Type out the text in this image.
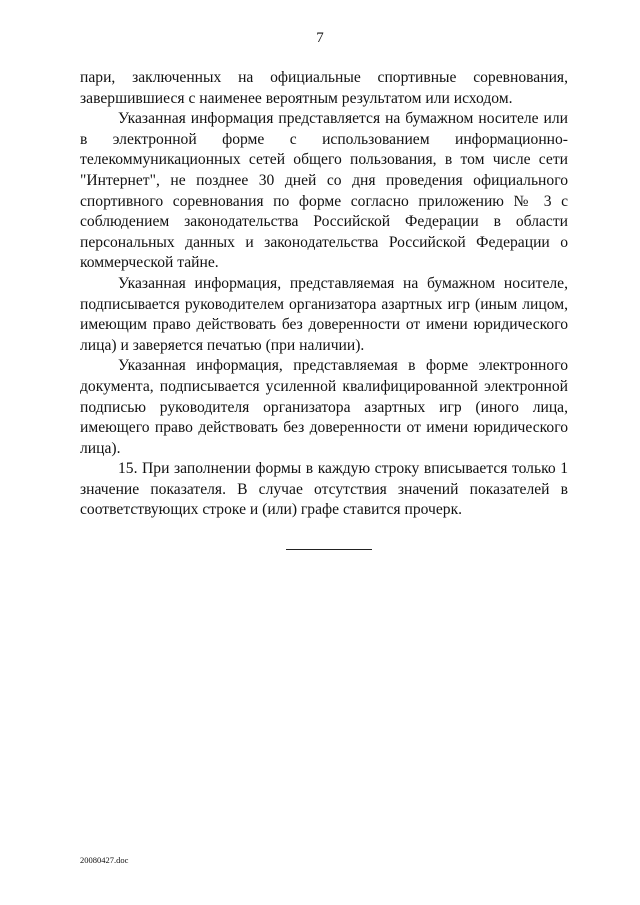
7

пари, заключенных на официальные спортивные соревнования, завершившиеся с наименее вероятным результатом или исходом.

Указанная информация представляется на бумажном носителе или в электронной форме с использованием информационно-телекоммуникационных сетей общего пользования, в том числе сети "Интернет", не позднее 30 дней со дня проведения официального спортивного соревнования по форме согласно приложению № 3 с соблюдением законодательства Российской Федерации в области персональных данных и законодательства Российской Федерации о коммерческой тайне.

Указанная информация, представляемая на бумажном носителе, подписывается руководителем организатора азартных игр (иным лицом, имеющим право действовать без доверенности от имени юридического лица) и заверяется печатью (при наличии).

Указанная информация, представляемая в форме электронного документа, подписывается усиленной квалифицированной электронной подписью руководителя организатора азартных игр (иного лица, имеющего право действовать без доверенности от имени юридического лица).

15. При заполнении формы в каждую строку вписывается только 1 значение показателя. В случае отсутствия значений показателей в соответствующих строке и (или) графе ставится прочерк.

20080427.doc
